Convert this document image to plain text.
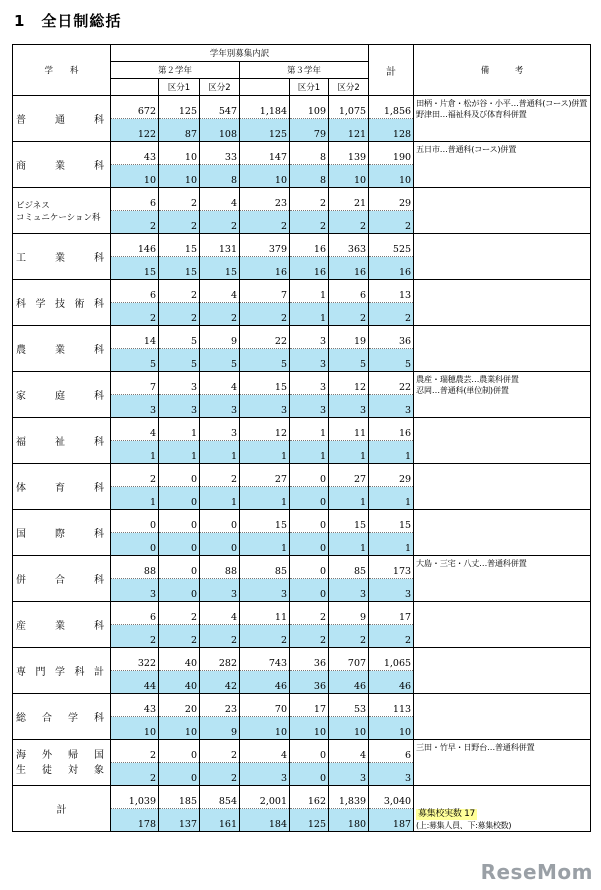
1　全日制総括
学　　科	学年別募集内訳						計	備　　　考
	第２学年			第３学年				
		区分1	区分2		区分1	区分2		

普　通　科	672	125	547	1,184	109	1,075	1,856	田柄・片倉・松が谷・小平…普通科(コース)併置
野津田…福祉科及び体育科併置

	122	87	108	125	79	121	128	

商　業　科	43	10	33	147	8	139	190	五日市…普通科(コース)併置

	10	10	8	10	8	10	10	

ビジネス
コミュニケーション科	6	2	4	23	2	21	29	
	2	2	2	2	2	2	2	

工　業　科	146	15	131	379	16	363	525	
	15	15	15	16	16	16	16	

科 学 技 術 科	6	2	4	7	1	6	13	
	2	2	2	2	1	2	2	

農　業　科	14	5	9	22	3	19	36	
	5	5	5	5	3	5	5	

家　庭　科	7	3	4	15	3	12	22	農産・瑞穂農芸…農業科併置
忍岡…普通科(単位制)併置

	3	3	3	3	3	3	3	

福　祉　科	4	1	3	12	1	11	16	
	1	1	1	1	1	1	1	

体　育　科	2	0	2	27	0	27	29	
	1	0	1	1	0	1	1	

国　際　科	0	0	0	15	0	15	15	
	0	0	0	1	0	1	1	

併　合　科	88	0	88	85	0	85	173	大島・三宅・八丈…普通科併置

	3	0	3	3	0	3	3	

産　業　科	6	2	4	11	2	9	17	
	2	2	2	2	2	2	2	

専 門 学 科 計	322	40	282	743	36	707	1,065	
	44	40	42	46	36	46	46	

総　合　学　科	43	20	23	70	17	53	113	
	10	10	9	10	10	10	10	

海　外　帰　国
生　徒　対　象	2	0	2	4	0	4	6	三田・竹早・日野台…普通科併置

	2	0	2	3	0	3	3	
計	1,039	185	854	2,001	162	1,839	3,040	募集校実数 17
(上:募集人員、下:募集校数)

	178	137	161	184	125	180	187	
ReseMom
